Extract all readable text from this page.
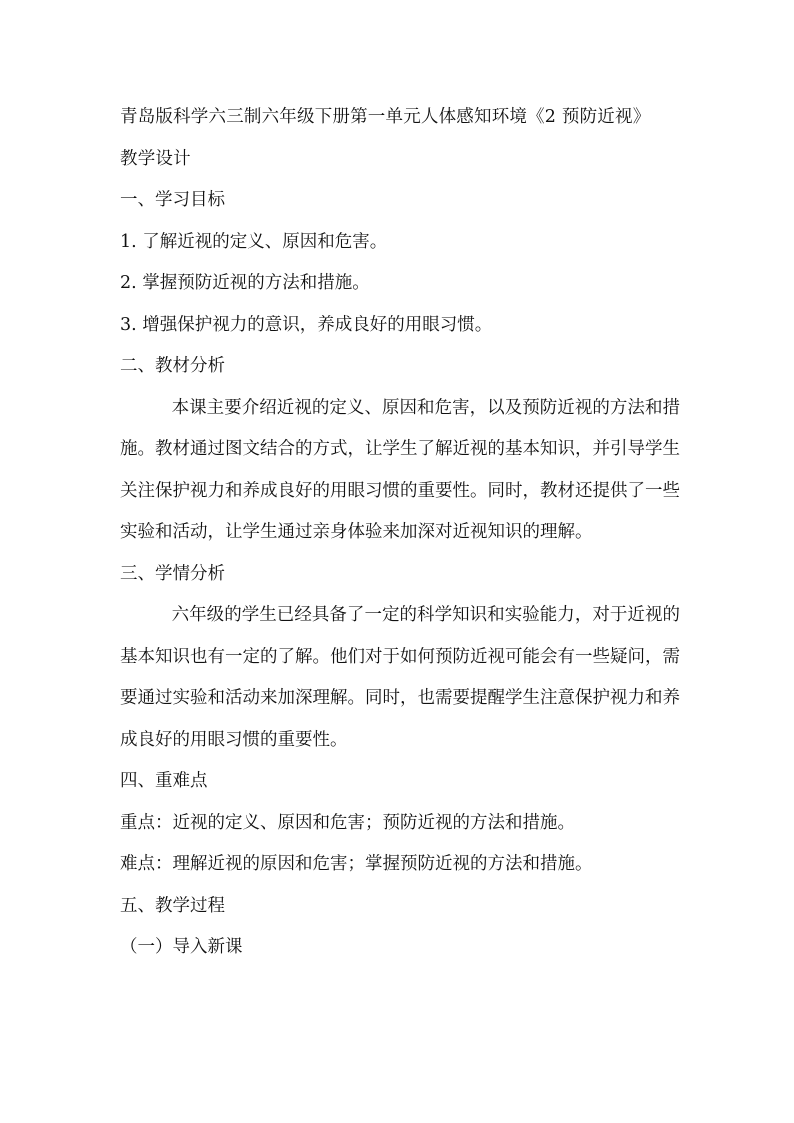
青岛版科学六三制六年级下册第一单元人体感知环境《2 预防近视》

教学设计

一、学习目标

1. 了解近视的定义、原因和危害。

2. 掌握预防近视的方法和措施。

3. 增强保护视力的意识，养成良好的用眼习惯。

二、教材分析

本课主要介绍近视的定义、原因和危害，以及预防近视的方法和措施。教材通过图文结合的方式，让学生了解近视的基本知识，并引导学生关注保护视力和养成良好的用眼习惯的重要性。同时，教材还提供了一些实验和活动，让学生通过亲身体验来加深对近视知识的理解。

三、学情分析

六年级的学生已经具备了一定的科学知识和实验能力，对于近视的基本知识也有一定的了解。他们对于如何预防近视可能会有一些疑问，需要通过实验和活动来加深理解。同时，也需要提醒学生注意保护视力和养成良好的用眼习惯的重要性。

四、重难点

重点：近视的定义、原因和危害；预防近视的方法和措施。

难点：理解近视的原因和危害；掌握预防近视的方法和措施。

五、教学过程

（一）导入新课
